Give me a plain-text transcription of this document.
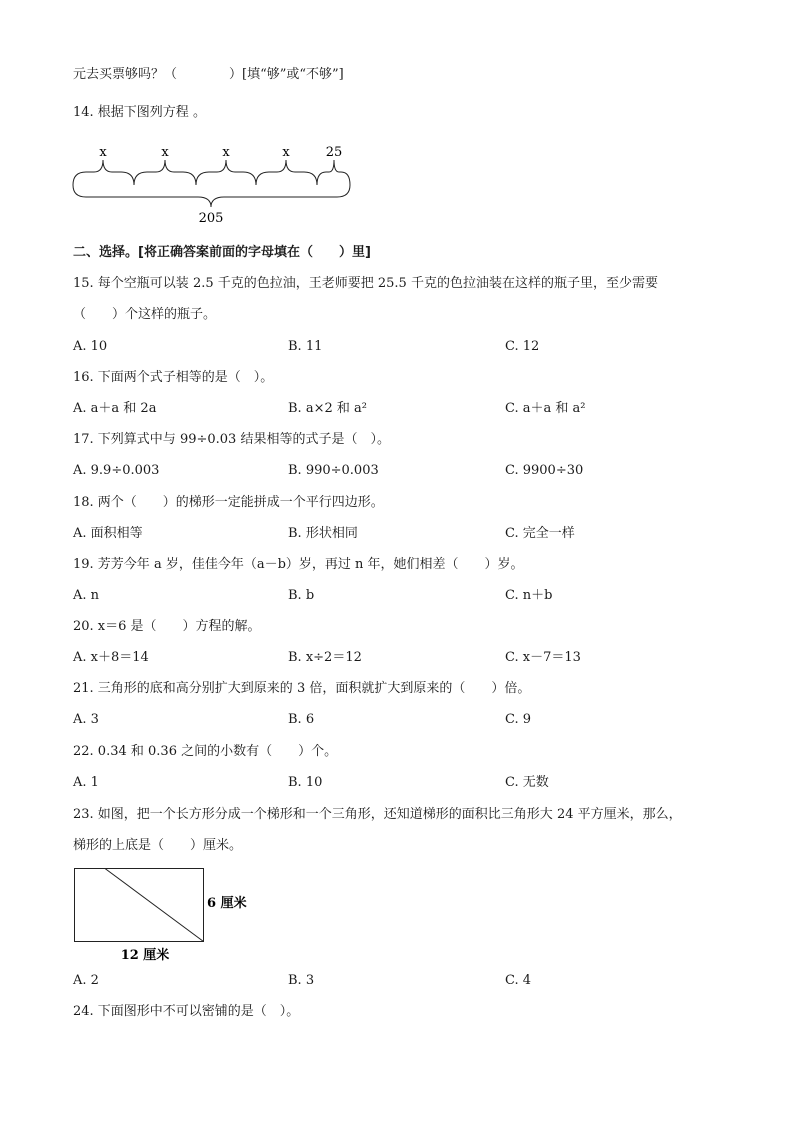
元去买票够吗？（　　　　）[填“够”或“不够”]
14. 根据下图列方程 。
x	x	x	x	25
205
二、选择。[将正确答案前面的字母填在（　　）里]
15. 每个空瓶可以装 2.5 千克的色拉油，王老师要把 25.5 千克的色拉油装在这样的瓶子里，至少需要
（　　）个这样的瓶子。
A. 10	B. 11	C. 12
16. 下面两个式子相等的是（　）。
A. a＋a 和 2a	B. a×2 和 a²	C. a＋a 和 a²
17. 下列算式中与 99÷0.03 结果相等的式子是（　）。
A. 9.9÷0.003	B. 990÷0.003	C. 9900÷30
18. 两个（　　）的梯形一定能拼成一个平行四边形。
A. 面积相等	B. 形状相同	C. 完全一样
19. 芳芳今年 a 岁，佳佳今年（a－b）岁，再过 n 年，她们相差（　　）岁。
A. n	B. b	C. n＋b
20. x＝6 是（　　）方程的解。
A. x＋8＝14	B. x÷2＝12	C. x－7＝13
21. 三角形的底和高分别扩大到原来的 3 倍，面积就扩大到原来的（　　）倍。
A. 3	B. 6	C. 9
22. 0.34 和 0.36 之间的小数有（　　）个。
A. 1	B. 10	C. 无数
23. 如图，把一个长方形分成一个梯形和一个三角形，还知道梯形的面积比三角形大 24 平方厘米，那么，
梯形的上底是（　　）厘米。
6 厘米
12 厘米
A. 2	B. 3	C. 4
24. 下面图形中不可以密铺的是（　）。
